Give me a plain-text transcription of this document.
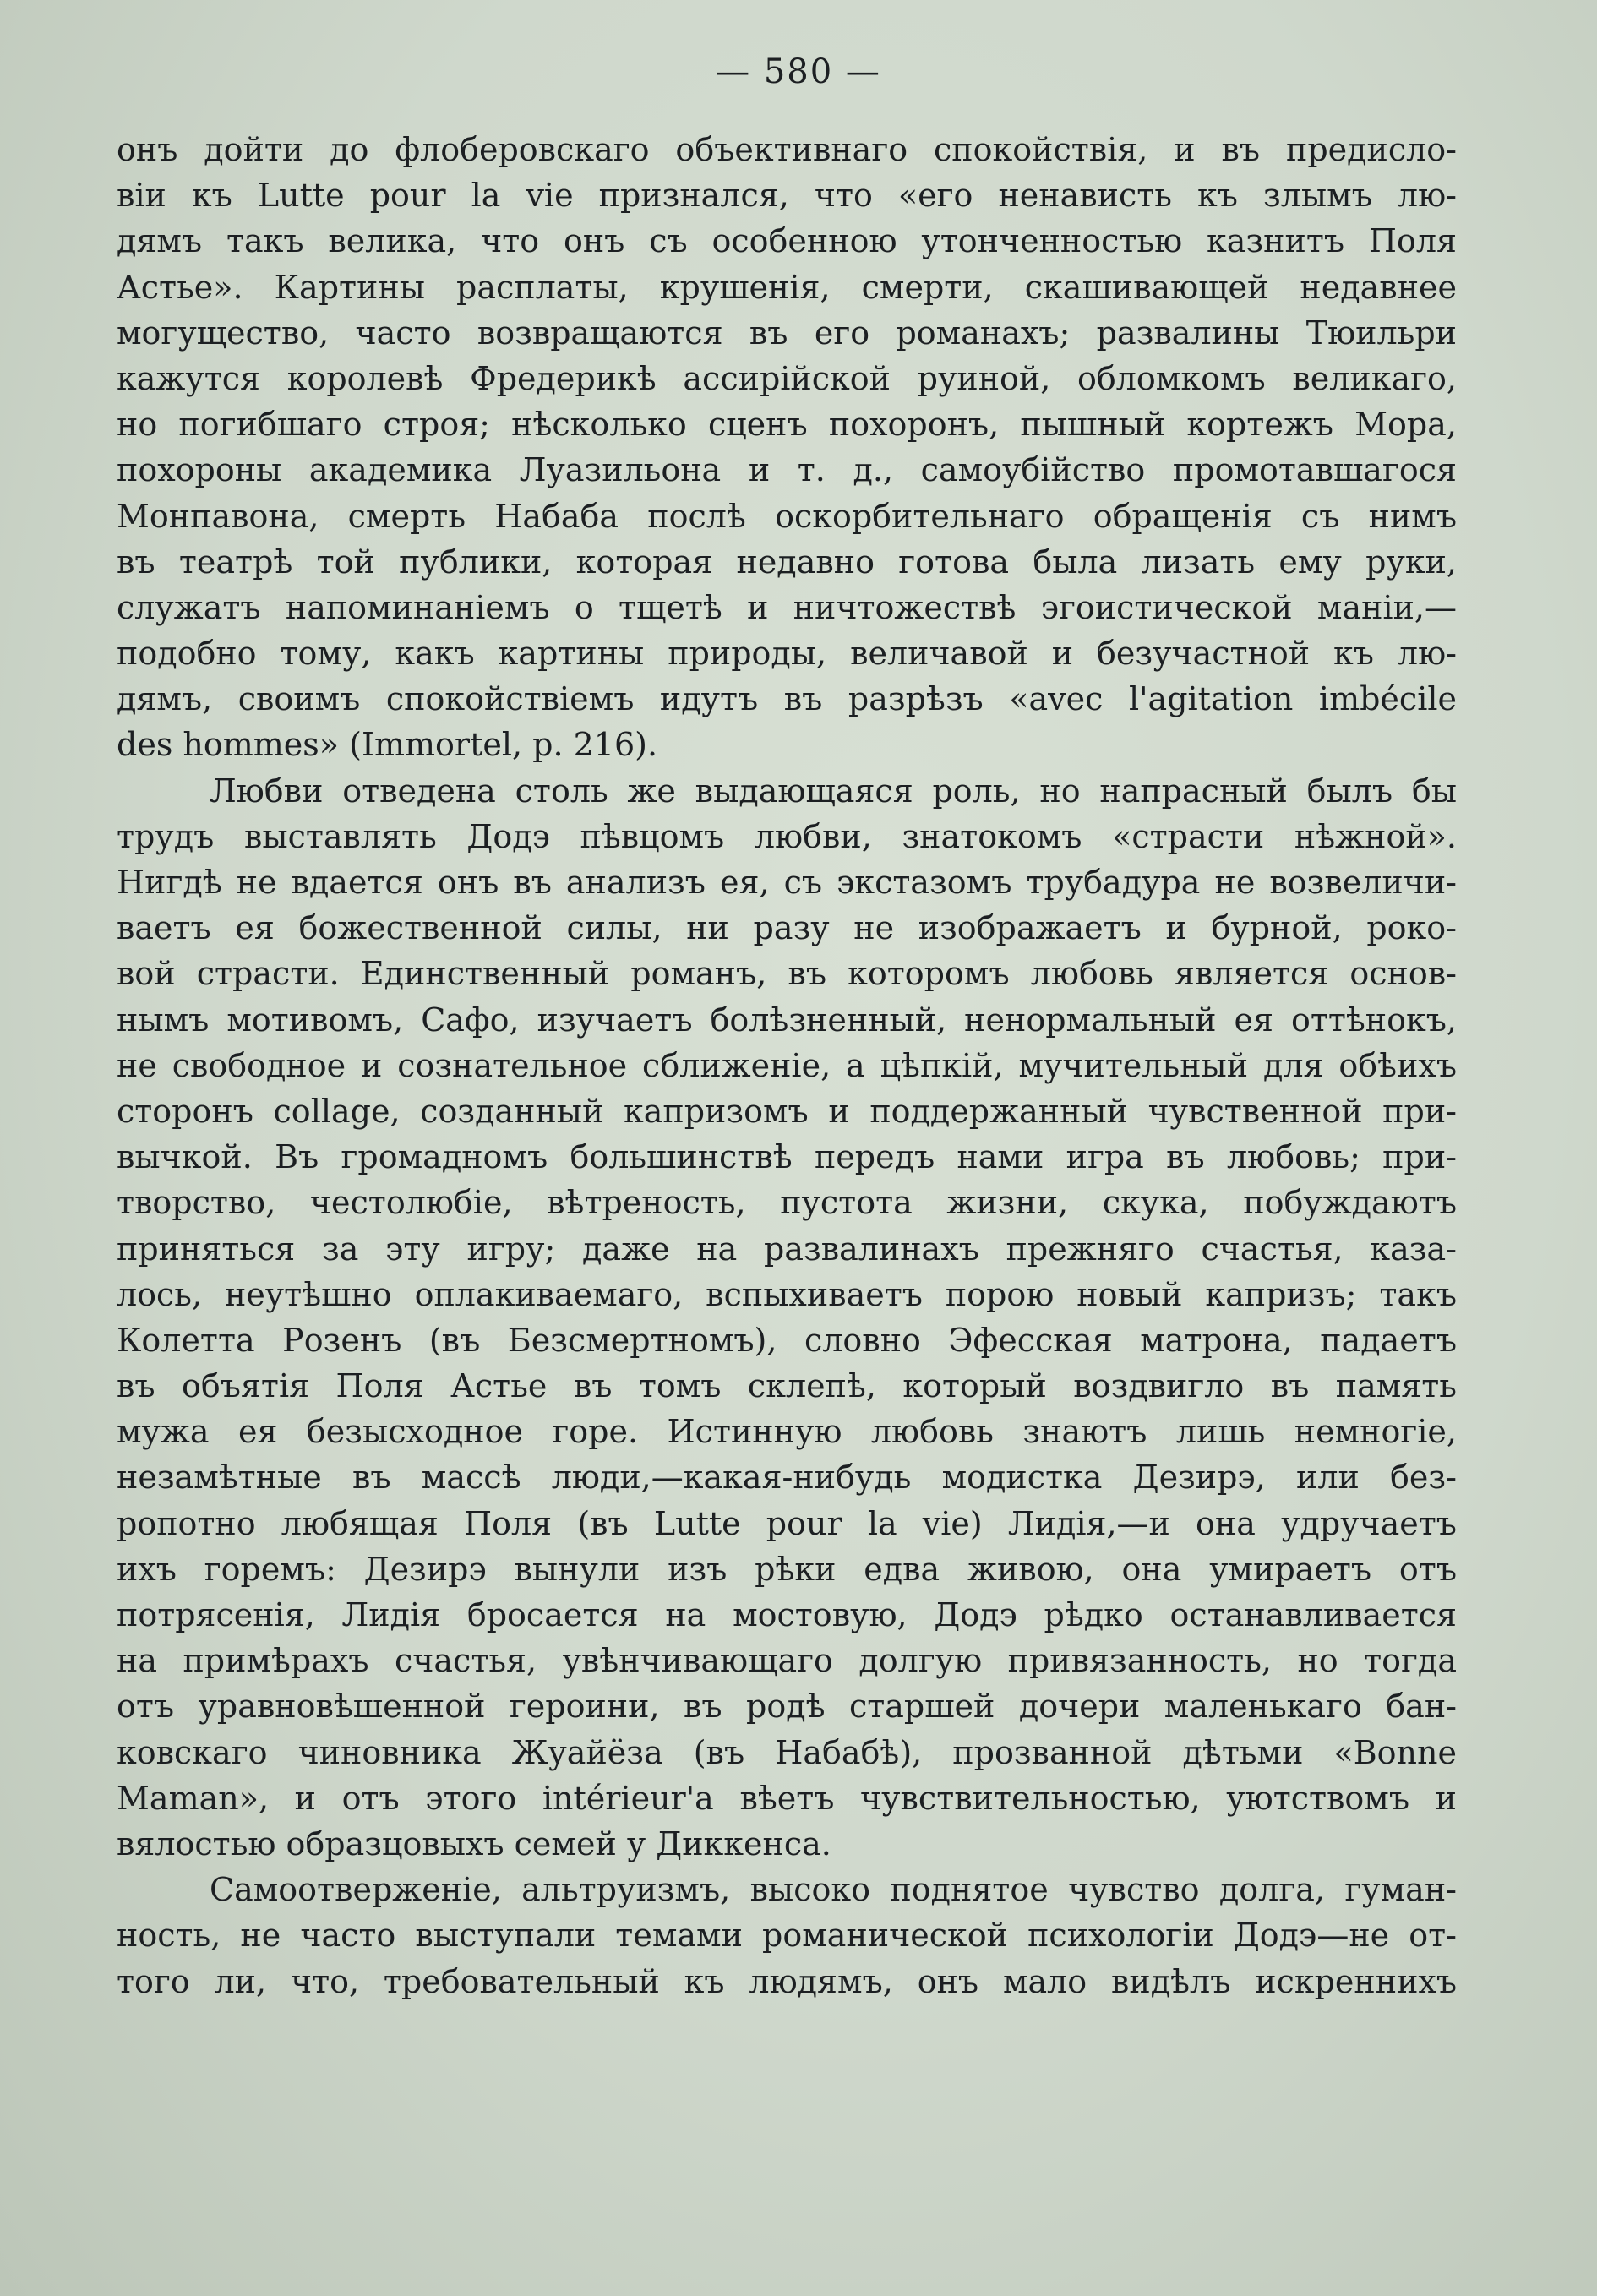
— 580 —
онъ дойти до флоберовскаго объективнаго спокойствія, и въ предисло-
віи къ Lutte pour la vie признался, что «его ненависть къ злымъ лю-
дямъ такъ велика, что онъ съ особенною утонченностью казнитъ Поля
Астье». Картины расплаты, крушенія, смерти, скашивающей недавнее
могущество, часто возвращаются въ его романахъ; развалины Тюильри
кажутся королевѣ Фредерикѣ ассирійской руиной, обломкомъ великаго,
но погибшаго строя; нѣсколько сценъ похоронъ, пышный кортежъ Мора,
похороны академика Луазильона и т. д., самоубійство промотавшагося
Монпавона, смерть Набаба послѣ оскорбительнаго обращенія съ нимъ
въ театрѣ той публики, которая недавно готова была лизать ему руки,
служатъ напоминаніемъ о тщетѣ и ничтожествѣ эгоистической маніи,—
подобно тому, какъ картины природы, величавой и безучастной къ лю-
дямъ, своимъ спокойствіемъ идутъ въ разрѣзъ «avec l'agitation imbécile
des hommes» (Immortel, p. 216).
Любви отведена столь же выдающаяся роль, но напрасный былъ бы
трудъ выставлять Додэ пѣвцомъ любви, знатокомъ «страсти нѣжной».
Нигдѣ не вдается онъ въ анализъ ея, съ экстазомъ трубадура не возвеличи-
ваетъ ея божественной силы, ни разу не изображаетъ и бурной, роко-
вой страсти. Единственный романъ, въ которомъ любовь является основ-
нымъ мотивомъ, Сафо, изучаетъ болѣзненный, ненормальный ея оттѣнокъ,
не свободное и сознательное сближеніе, а цѣпкій, мучительный для обѣихъ
сторонъ collage, созданный капризомъ и поддержанный чувственной при-
вычкой. Въ громадномъ большинствѣ передъ нами игра въ любовь; при-
творство, честолюбіе, вѣтреность, пустота жизни, скука, побуждаютъ
приняться за эту игру; даже на развалинахъ прежняго счастья, каза-
лось, неутѣшно оплакиваемаго, вспыхиваетъ порою новый капризъ; такъ
Колетта Розенъ (въ Безсмертномъ), словно Эфесская матрона, падаетъ
въ объятія Поля Астье въ томъ склепѣ, который воздвигло въ память
мужа ея безысходное горе. Истинную любовь знаютъ лишь немногіе,
незамѣтные въ массѣ люди,—какая-нибудь модистка Дезирэ, или без-
ропотно любящая Поля (въ Lutte pour la vie) Лидія,—и она удручаетъ
ихъ горемъ: Дезирэ вынули изъ рѣки едва живою, она умираетъ отъ
потрясенія, Лидія бросается на мостовую, Додэ рѣдко останавливается
на примѣрахъ счастья, увѣнчивающаго долгую привязанность, но тогда
отъ уравновѣшенной героини, въ родѣ старшей дочери маленькаго бан-
ковскаго чиновника Жуайёза (въ Набабѣ), прозванной дѣтьми «Bonne
Maman», и отъ этого intérieur'а вѣетъ чувствительностью, уютствомъ и
вялостью образцовыхъ семей у Диккенса.
Самоотверженіе, альтруизмъ, высоко поднятое чувство долга, гуман-
ность, не часто выступали темами романической психологіи Додэ—не от-
того ли, что, требовательный къ людямъ, онъ мало видѣлъ искреннихъ
